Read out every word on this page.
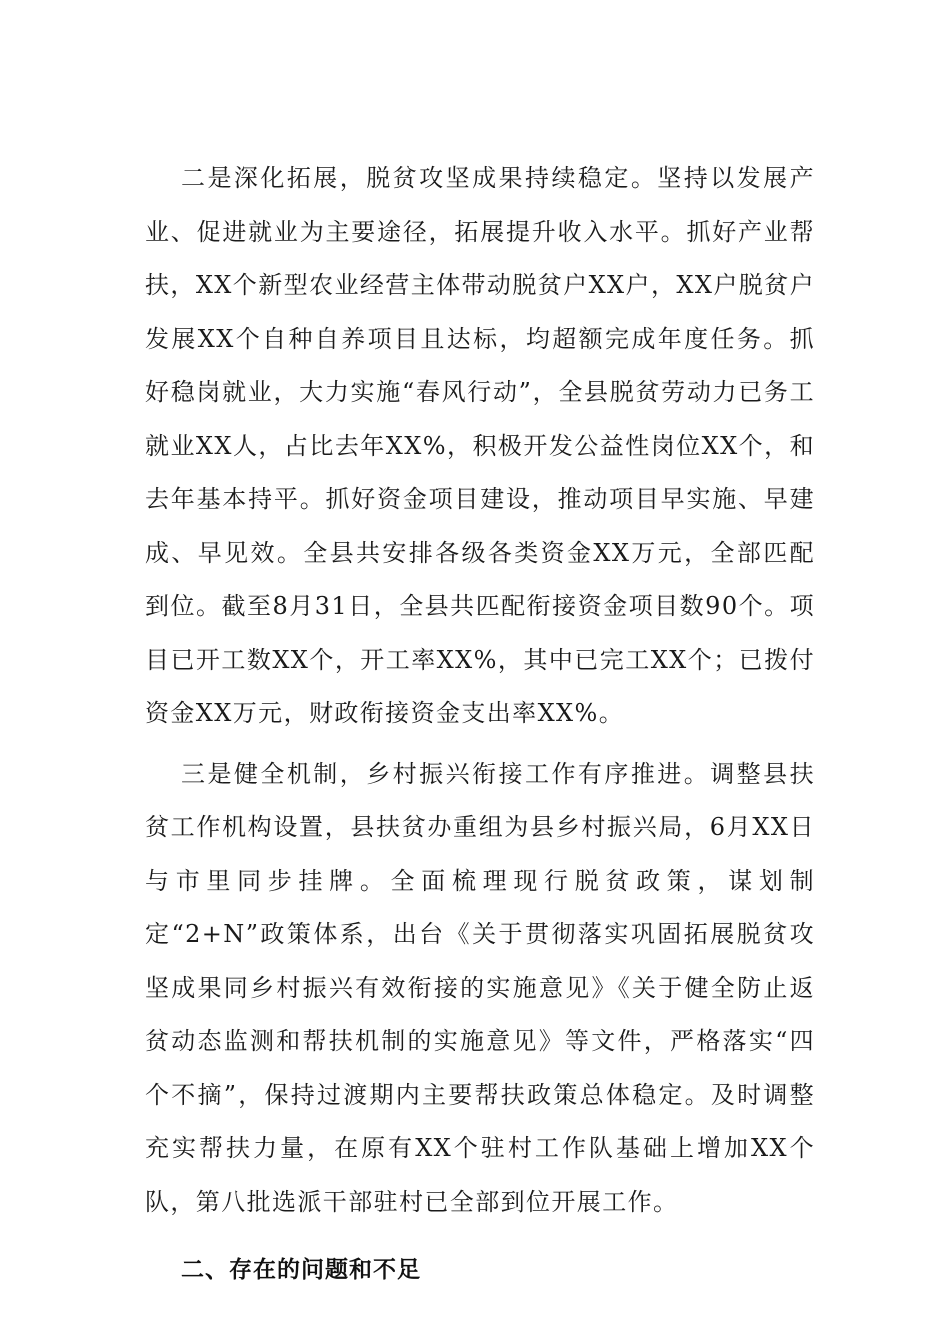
二是深化拓展，脱贫攻坚成果持续稳定。坚持以发展产业、促进就业为主要途径，拓展提升收入水平。抓好产业帮扶，XX个新型农业经营主体带动脱贫户XX户，XX户脱贫户发展XX个自种自养项目且达标，均超额完成年度任务。抓好稳岗就业，大力实施“春风行动”，全县脱贫劳动力已务工就业XX人，占比去年XX%，积极开发公益性岗位XX个，和去年基本持平。抓好资金项目建设，推动项目早实施、早建成、早见效。全县共安排各级各类资金XX万元，全部匹配到位。截至8月31日，全县共匹配衔接资金项目数90个。项目已开工数XX个，开工率XX%，其中已完工XX个；已拨付资金XX万元，财政衔接资金支出率XX%。

三是健全机制，乡村振兴衔接工作有序推进。调整县扶贫工作机构设置，县扶贫办重组为县乡村振兴局，6月XX日与市里同步挂牌。全面梳理现行脱贫政策，谋划制定“2+N”政策体系，出台《关于贯彻落实巩固拓展脱贫攻坚成果同乡村振兴有效衔接的实施意见》《关于健全防止返贫动态监测和帮扶机制的实施意见》等文件，严格落实“四个不摘”，保持过渡期内主要帮扶政策总体稳定。及时调整充实帮扶力量，在原有XX个驻村工作队基础上增加XX个队，第八批选派干部驻村已全部到位开展工作。

二、存在的问题和不足
